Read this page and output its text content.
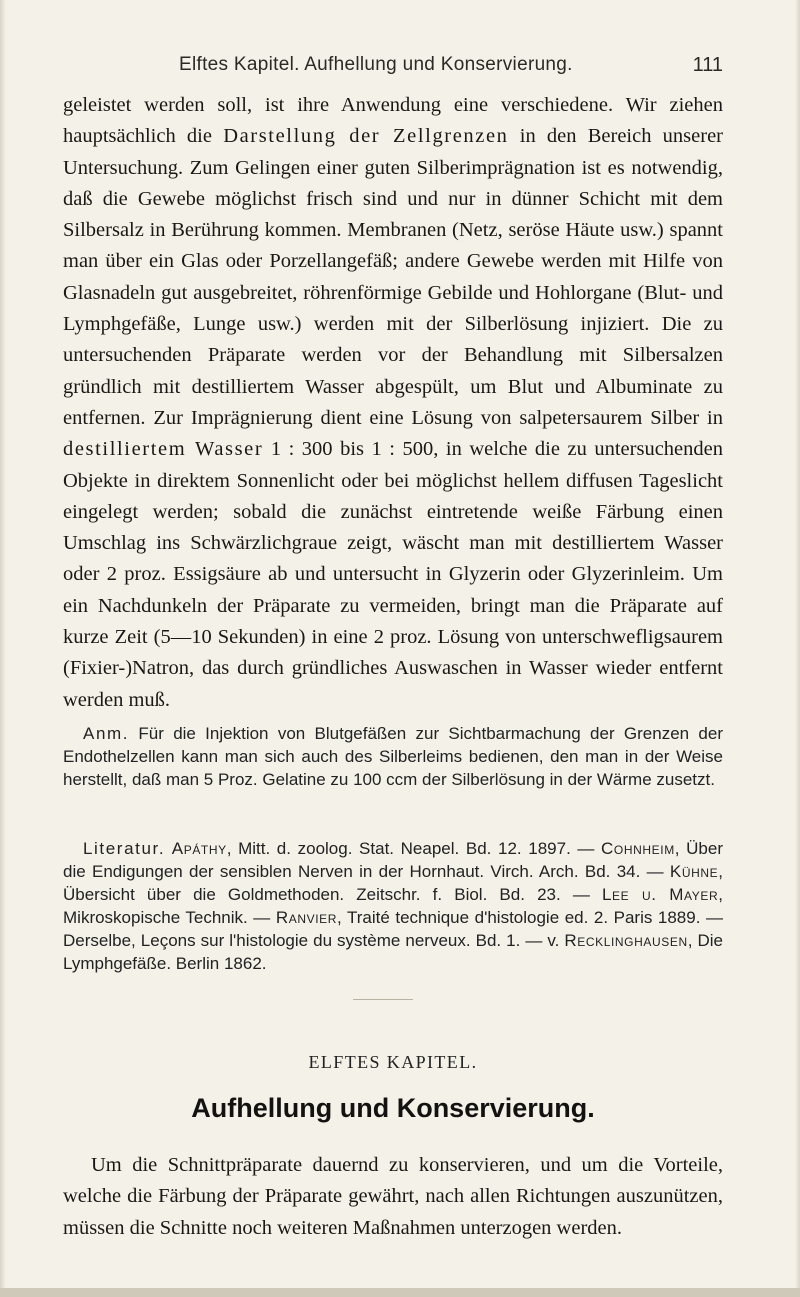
Elftes Kapitel. Aufhellung und Konservierung.	111

geleistet werden soll, ist ihre Anwendung eine verschiedene. Wir ziehen hauptsächlich die Darstellung der Zellgrenzen in den Bereich unserer Untersuchung. Zum Gelingen einer guten Silberimprägnation ist es notwendig, daß die Gewebe möglichst frisch sind und nur in dünner Schicht mit dem Silbersalz in Berührung kommen. Membranen (Netz, seröse Häute usw.) spannt man über ein Glas oder Porzellangefäß; andere Gewebe werden mit Hilfe von Glasnadeln gut ausgebreitet, röhrenförmige Gebilde und Hohlorgane (Blut- und Lymphgefäße, Lunge usw.) werden mit der Silberlösung injiziert. Die zu untersuchenden Präparate werden vor der Behandlung mit Silbersalzen gründlich mit destilliertem Wasser abgespült, um Blut und Albuminate zu entfernen. Zur Imprägnierung dient eine Lösung von salpetersaurem Silber in destilliertem Wasser 1 : 300 bis 1 : 500, in welche die zu untersuchenden Objekte in direktem Sonnenlicht oder bei möglichst hellem diffusen Tageslicht eingelegt werden; sobald die zunächst eintretende weiße Färbung einen Umschlag ins Schwärzlichgraue zeigt, wäscht man mit destilliertem Wasser oder 2 proz. Essigsäure ab und untersucht in Glyzerin oder Glyzerinleim. Um ein Nachdunkeln der Präparate zu vermeiden, bringt man die Präparate auf kurze Zeit (5—10 Sekunden) in eine 2 proz. Lösung von unterschwefligsaurem (Fixier-)Natron, das durch gründliches Auswaschen in Wasser wieder entfernt werden muß.

Anm. Für die Injektion von Blutgefäßen zur Sichtbarmachung der Grenzen der Endothelzellen kann man sich auch des Silberleims bedienen, den man in der Weise herstellt, daß man 5 Proz. Gelatine zu 100 ccm der Silberlösung in der Wärme zusetzt.

Literatur. Apáthy, Mitt. d. zoolog. Stat. Neapel. Bd. 12. 1897. — Cohnheim, Über die Endigungen der sensiblen Nerven in der Hornhaut. Virch. Arch. Bd. 34. — Kühne, Übersicht über die Goldmethoden. Zeitschr. f. Biol. Bd. 23. — Lee u. Mayer, Mikroskopische Technik. — Ranvier, Traité technique d'histologie ed. 2. Paris 1889. — Derselbe, Leçons sur l'histologie du système nerveux. Bd. 1. — v. Recklinghausen, Die Lymphgefäße. Berlin 1862.

ELFTES KAPITEL.
Aufhellung und Konservierung.

Um die Schnittpräparate dauernd zu konservieren, und um die Vorteile, welche die Färbung der Präparate gewährt, nach allen Richtungen auszunützen, müssen die Schnitte noch weiteren Maßnahmen unterzogen werden.
